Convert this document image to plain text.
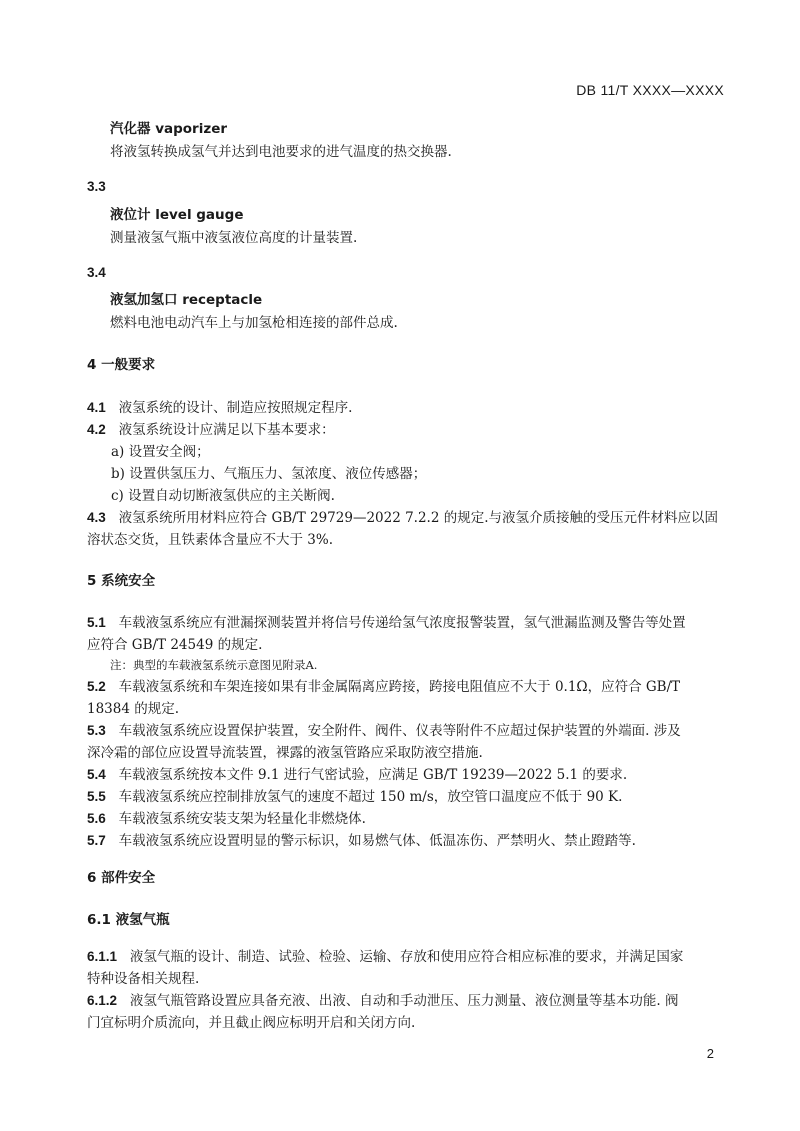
DB 11/T XXXX—XXXX
汽化器 vaporizer
将液氢转换成氢气并达到电池要求的进气温度的热交换器.
3.3
液位计 level gauge
测量液氢气瓶中液氢液位高度的计量装置.
3.4
液氢加氢口 receptacle
燃料电池电动汽车上与加氢枪相连接的部件总成.
4 一般要求
4.1 液氢系统的设计、制造应按照规定程序.
4.2 液氢系统设计应满足以下基本要求：
a) 设置安全阀；
b) 设置供氢压力、气瓶压力、氢浓度、液位传感器；
c) 设置自动切断液氢供应的主关断阀.
4.3 液氢系统所用材料应符合 GB/T 29729—2022 7.2.2 的规定.与液氢介质接触的受压元件材料应以固
溶状态交货，且铁素体含量应不大于 3%.
5 系统安全
5.1 车载液氢系统应有泄漏探测装置并将信号传递给氢气浓度报警装置，氢气泄漏监测及警告等处置
应符合 GB/T 24549 的规定.
注：典型的车载液氢系统示意图见附录A.
5.2 车载液氢系统和车架连接如果有非金属隔离应跨接，跨接电阻值应不大于 0.1Ω，应符合 GB/T
18384 的规定.
5.3 车载液氢系统应设置保护装置，安全附件、阀件、仪表等附件不应超过保护装置的外端面. 涉及
深冷霜的部位应设置导流装置，裸露的液氢管路应采取防液空措施.
5.4 车载液氢系统按本文件 9.1 进行气密试验，应满足 GB/T 19239—2022 5.1 的要求.
5.5 车载液氢系统应控制排放氢气的速度不超过 150 m/s，放空管口温度应不低于 90 K.
5.6 车载液氢系统安装支架为轻量化非燃烧体.
5.7 车载液氢系统应设置明显的警示标识，如易燃气体、低温冻伤、严禁明火、禁止蹬踏等.
6 部件安全
6.1 液氢气瓶
6.1.1 液氢气瓶的设计、制造、试验、检验、运输、存放和使用应符合相应标准的要求，并满足国家
特种设备相关规程.
6.1.2 液氢气瓶管路设置应具备充液、出液、自动和手动泄压、压力测量、液位测量等基本功能. 阀
门宜标明介质流向，并且截止阀应标明开启和关闭方向.
2
